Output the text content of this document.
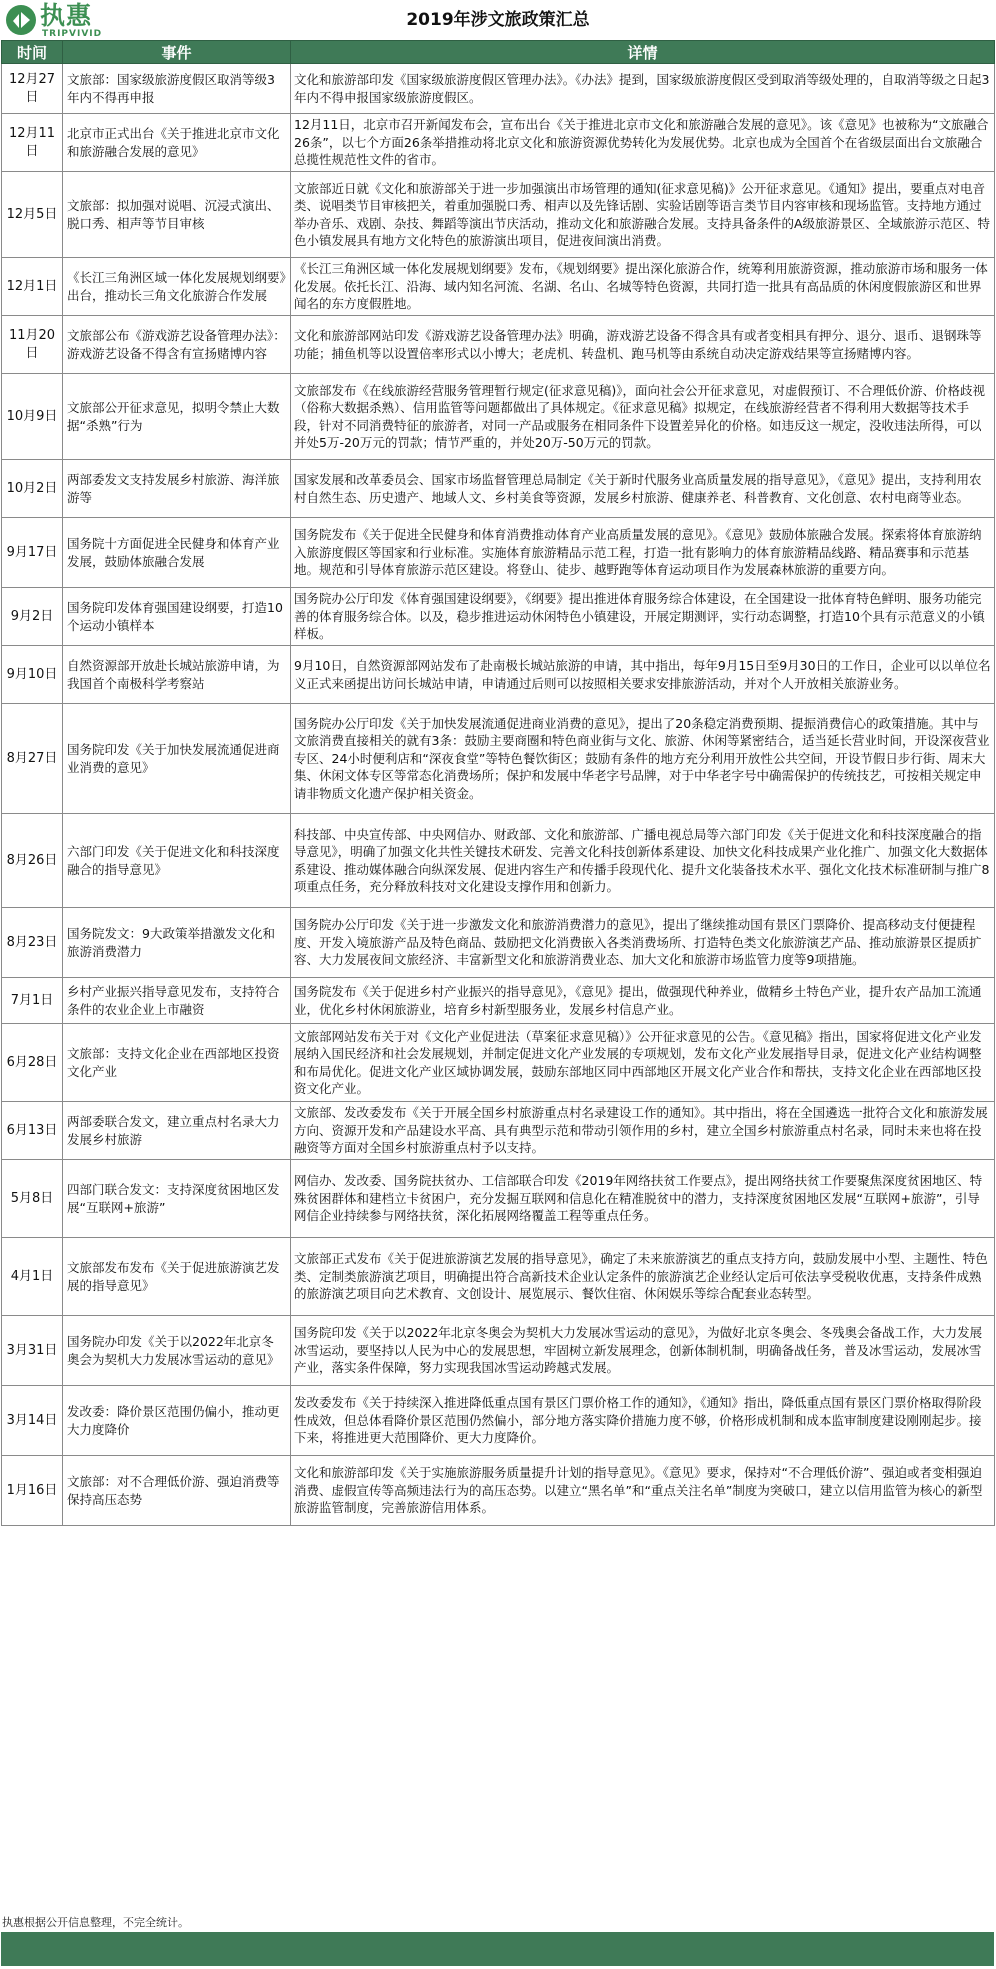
执惠
TRIPVIVID
2019年涉文旅政策汇总
时间	事件	详情
12月27日	文旅部：国家级旅游度假区取消等级3年内不得再申报	文化和旅游部印发《国家级旅游度假区管理办法》。《办法》提到，国家级旅游度假区受到取消等级处理的，自取消等级之日起3年内不得申报国家级旅游度假区。
12月11日	北京市正式出台《关于推进北京市文化和旅游融合发展的意见》	12月11日，北京市召开新闻发布会，宣布出台《关于推进北京市文化和旅游融合发展的意见》。该《意见》也被称为“文旅融合26条”，以七个方面26条举措推动将北京文化和旅游资源优势转化为发展优势。北京也成为全国首个在省级层面出台文旅融合总揽性规范性文件的省市。
12月5日	文旅部：拟加强对说唱、沉浸式演出、脱口秀、相声等节目审核	文旅部近日就《文化和旅游部关于进一步加强演出市场管理的通知(征求意见稿)》公开征求意见。《通知》提出，要重点对电音类、说唱类节目审核把关，着重加强脱口秀、相声以及先锋话剧、实验话剧等语言类节目内容审核和现场监管。支持地方通过举办音乐、戏剧、杂技、舞蹈等演出节庆活动，推动文化和旅游融合发展。支持具备条件的A级旅游景区、全域旅游示范区、特色小镇发展具有地方文化特色的旅游演出项目，促进夜间演出消费。
12月1日	《长江三角洲区域一体化发展规划纲要》出台，推动长三角文化旅游合作发展	《长江三角洲区域一体化发展规划纲要》发布，《规划纲要》提出深化旅游合作，统筹利用旅游资源，推动旅游市场和服务一体化发展。依托长江、沿海、域内知名河流、名湖、名山、名城等特色资源，共同打造一批具有高品质的休闲度假旅游区和世界闻名的东方度假胜地。
11月20日	文旅部公布《游戏游艺设备管理办法》：游戏游艺设备不得含有宣扬赌博内容	文化和旅游部网站印发《游戏游艺设备管理办法》明确，游戏游艺设备不得含具有或者变相具有押分、退分、退币、退钢珠等功能；捕鱼机等以设置倍率形式以小博大；老虎机、转盘机、跑马机等由系统自动决定游戏结果等宣扬赌博内容。
10月9日	文旅部公开征求意见，拟明令禁止大数据“杀熟”行为	文旅部发布《在线旅游经营服务管理暂行规定(征求意见稿)》，面向社会公开征求意见，对虚假预订、不合理低价游、价格歧视（俗称大数据杀熟）、信用监管等问题都做出了具体规定。《征求意见稿》拟规定，在线旅游经营者不得利用大数据等技术手段，针对不同消费特征的旅游者，对同一产品或服务在相同条件下设置差异化的价格。如违反这一规定，没收违法所得，可以并处5万-20万元的罚款；情节严重的，并处20万-50万元的罚款。
10月2日	两部委发文支持发展乡村旅游、海洋旅游等	国家发展和改革委员会、国家市场监督管理总局制定《关于新时代服务业高质量发展的指导意见》，《意见》提出，支持利用农村自然生态、历史遗产、地域人文、乡村美食等资源，发展乡村旅游、健康养老、科普教育、文化创意、农村电商等业态。
9月17日	国务院十方面促进全民健身和体育产业发展，鼓励体旅融合发展	国务院发布《关于促进全民健身和体育消费推动体育产业高质量发展的意见》。《意见》鼓励体旅融合发展。探索将体育旅游纳入旅游度假区等国家和行业标准。实施体育旅游精品示范工程，打造一批有影响力的体育旅游精品线路、精品赛事和示范基地。规范和引导体育旅游示范区建设。将登山、徒步、越野跑等体育运动项目作为发展森林旅游的重要方向。
9月2日	国务院印发体育强国建设纲要，打造10个运动小镇样本	国务院办公厅印发《体育强国建设纲要》，《纲要》提出推进体育服务综合体建设，在全国建设一批体育特色鲜明、服务功能完善的体育服务综合体。以及，稳步推进运动休闲特色小镇建设，开展定期测评，实行动态调整，打造10个具有示范意义的小镇样板。
9月10日	自然资源部开放赴长城站旅游申请，为我国首个南极科学考察站	9月10日，自然资源部网站发布了赴南极长城站旅游的申请，其中指出，每年9月15日至9月30日的工作日，企业可以以单位名义正式来函提出访问长城站申请，申请通过后则可以按照相关要求安排旅游活动，并对个人开放相关旅游业务。
8月27日	国务院印发《关于加快发展流通促进商业消费的意见》	国务院办公厅印发《关于加快发展流通促进商业消费的意见》，提出了20条稳定消费预期、提振消费信心的政策措施。其中与文旅消费直接相关的就有3条：鼓励主要商圈和特色商业街与文化、旅游、休闲等紧密结合，适当延长营业时间，开设深夜营业专区、24小时便利店和“深夜食堂”等特色餐饮街区；鼓励有条件的地方充分利用开放性公共空间，开设节假日步行街、周末大集、休闲文体专区等常态化消费场所；保护和发展中华老字号品牌，对于中华老字号中确需保护的传统技艺，可按相关规定申请非物质文化遗产保护相关资金。
8月26日	六部门印发《关于促进文化和科技深度融合的指导意见》	科技部、中央宣传部、中央网信办、财政部、文化和旅游部、广播电视总局等六部门印发《关于促进文化和科技深度融合的指导意见》，明确了加强文化共性关键技术研发、完善文化科技创新体系建设、加快文化科技成果产业化推广、加强文化大数据体系建设、推动媒体融合向纵深发展、促进内容生产和传播手段现代化、提升文化装备技术水平、强化文化技术标准研制与推广8项重点任务，充分释放科技对文化建设支撑作用和创新力。
8月23日	国务院发文：9大政策举措激发文化和旅游消费潜力	国务院办公厅印发《关于进一步激发文化和旅游消费潜力的意见》，提出了继续推动国有景区门票降价、提高移动支付便捷程度、开发入境旅游产品及特色商品、鼓励把文化消费嵌入各类消费场所、打造特色类文化旅游演艺产品、推动旅游景区提质扩容、大力发展夜间文旅经济、丰富新型文化和旅游消费业态、加大文化和旅游市场监管力度等9项措施。
7月1日	乡村产业振兴指导意见发布，支持符合条件的农业企业上市融资	国务院发布《关于促进乡村产业振兴的指导意见》，《意见》提出，做强现代种养业，做精乡土特色产业，提升农产品加工流通业，优化乡村休闲旅游业，培育乡村新型服务业，发展乡村信息产业。
6月28日	文旅部：支持文化企业在西部地区投资文化产业	文旅部网站发布关于对《文化产业促进法（草案征求意见稿）》公开征求意见的公告。《意见稿》指出，国家将促进文化产业发展纳入国民经济和社会发展规划，并制定促进文化产业发展的专项规划，发布文化产业发展指导目录，促进文化产业结构调整和布局优化。促进文化产业区域协调发展，鼓励东部地区同中西部地区开展文化产业合作和帮扶，支持文化企业在西部地区投资文化产业。
6月13日	两部委联合发文，建立重点村名录大力发展乡村旅游	文旅部、发改委发布《关于开展全国乡村旅游重点村名录建设工作的通知》。其中指出，将在全国遴选一批符合文化和旅游发展方向、资源开发和产品建设水平高、具有典型示范和带动引领作用的乡村，建立全国乡村旅游重点村名录，同时未来也将在投融资等方面对全国乡村旅游重点村予以支持。
5月8日	四部门联合发文：支持深度贫困地区发展“互联网+旅游”	网信办、发改委、国务院扶贫办、工信部联合印发《2019年网络扶贫工作要点》，提出网络扶贫工作要聚焦深度贫困地区、特殊贫困群体和建档立卡贫困户，充分发掘互联网和信息化在精准脱贫中的潜力，支持深度贫困地区发展“互联网+旅游”，引导网信企业持续参与网络扶贫，深化拓展网络覆盖工程等重点任务。
4月1日	文旅部发布发布《关于促进旅游演艺发展的指导意见》	文旅部正式发布《关于促进旅游演艺发展的指导意见》，确定了未来旅游演艺的重点支持方向，鼓励发展中小型、主题性、特色类、定制类旅游演艺项目，明确提出符合高新技术企业认定条件的旅游演艺企业经认定后可依法享受税收优惠，支持条件成熟的旅游演艺项目向艺术教育、文创设计、展览展示、餐饮住宿、休闲娱乐等综合配套业态转型。
3月31日	国务院办印发《关于以2022年北京冬奥会为契机大力发展冰雪运动的意见》	国务院印发《关于以2022年北京冬奥会为契机大力发展冰雪运动的意见》，为做好北京冬奥会、冬残奥会备战工作，大力发展冰雪运动，要坚持以人民为中心的发展思想，牢固树立新发展理念，创新体制机制，明确备战任务，普及冰雪运动，发展冰雪产业，落实条件保障，努力实现我国冰雪运动跨越式发展。
3月14日	发改委：降价景区范围仍偏小，推动更大力度降价	发改委发布《关于持续深入推进降低重点国有景区门票价格工作的通知》，《通知》指出，降低重点国有景区门票价格取得阶段性成效，但总体看降价景区范围仍然偏小，部分地方落实降价措施力度不够，价格形成机制和成本监审制度建设刚刚起步。接下来，将推进更大范围降价、更大力度降价。
1月16日	文旅部：对不合理低价游、强迫消费等保持高压态势	文化和旅游部印发《关于实施旅游服务质量提升计划的指导意见》。《意见》要求，保持对“不合理低价游”、强迫或者变相强迫消费、虚假宣传等高频违法行为的高压态势。以建立“黑名单”和“重点关注名单”制度为突破口，建立以信用监管为核心的新型旅游监管制度，完善旅游信用体系。
执惠根据公开信息整理，不完全统计。
